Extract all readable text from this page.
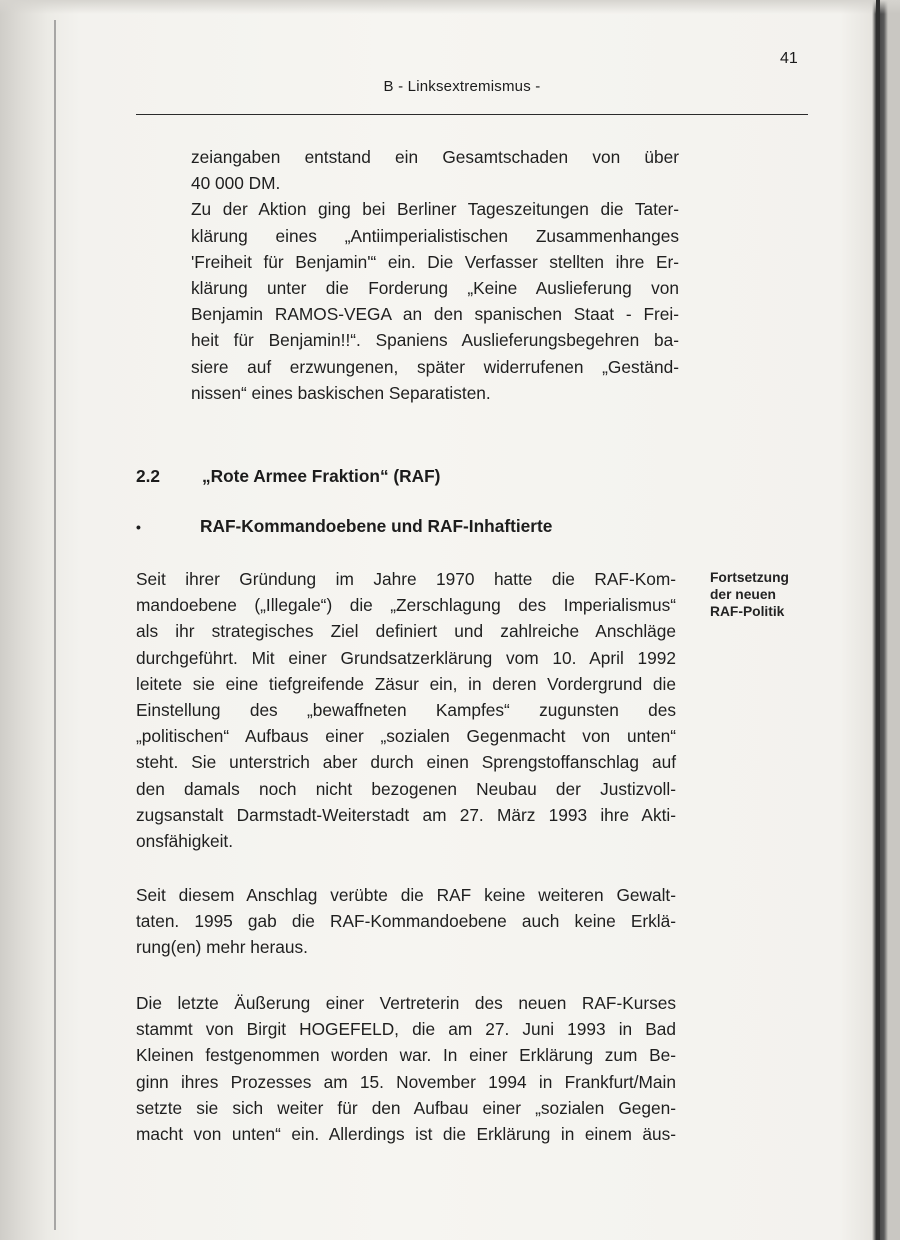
41
B - Linksextremismus -
zeiangaben entstand ein Gesamtschaden von über
40 000 DM.
Zu der Aktion ging bei Berliner Tageszeitungen die Tater-
klärung eines „Antiimperialistischen Zusammenhanges
'Freiheit für Benjamin'“ ein. Die Verfasser stellten ihre Er-
klärung unter die Forderung „Keine Auslieferung von
Benjamin RAMOS-VEGA an den spanischen Staat - Frei-
heit für Benjamin!!“. Spaniens Auslieferungsbegehren ba-
siere auf erzwungenen, später widerrufenen „Geständ-
nissen“ eines baskischen Separatisten.
2.2 „Rote Armee Fraktion“ (RAF)
•	RAF-Kommandoebene und RAF-Inhaftierte
Fortsetzung
der neuen
RAF-Politik
Seit ihrer Gründung im Jahre 1970 hatte die RAF-Kom-
mandoebene („Illegale“) die „Zerschlagung des Imperialismus“
als ihr strategisches Ziel definiert und zahlreiche Anschläge
durchgeführt. Mit einer Grundsatzerklärung vom 10. April 1992
leitete sie eine tiefgreifende Zäsur ein, in deren Vordergrund die
Einstellung des „bewaffneten Kampfes“ zugunsten des
„politischen“ Aufbaus einer „sozialen Gegenmacht von unten“
steht. Sie unterstrich aber durch einen Sprengstoffanschlag auf
den damals noch nicht bezogenen Neubau der Justizvoll-
zugsanstalt Darmstadt-Weiterstadt am 27. März 1993 ihre Akti-
onsfähigkeit.
Seit diesem Anschlag verübte die RAF keine weiteren Gewalt-
taten. 1995 gab die RAF-Kommandoebene auch keine Erklä-
rung(en) mehr heraus.
Die letzte Äußerung einer Vertreterin des neuen RAF-Kurses
stammt von Birgit HOGEFELD, die am 27. Juni 1993 in Bad
Kleinen festgenommen worden war. In einer Erklärung zum Be-
ginn ihres Prozesses am 15. November 1994 in Frankfurt/Main
setzte sie sich weiter für den Aufbau einer „sozialen Gegen-
macht von unten“ ein. Allerdings ist die Erklärung in einem äus-
